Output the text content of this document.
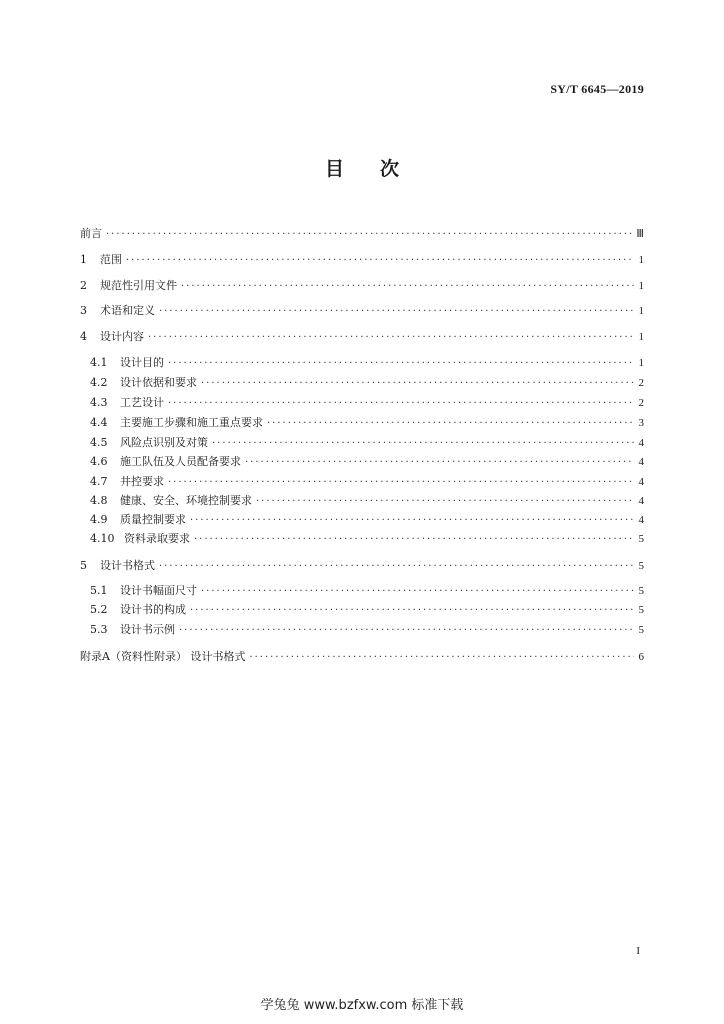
SY/T 6645—2019
目次
前言 ·····	Ⅲ
1	范围 ·····	1
2	规范性引用文件 ·····	1
3	术语和定义 ·····	1
4	设计内容 ·····	1
4.1	设计目的 ·····	1
4.2	设计依据和要求 ·····	2
4.3	工艺设计 ·····	2
4.4	主要施工步骤和施工重点要求 ·····	3
4.5	风险点识别及对策 ·····	4
4.6	施工队伍及人员配备要求 ·····	4
4.7	井控要求 ·····	4
4.8	健康、安全、环境控制要求 ·····	4
4.9	质量控制要求 ·····	4
4.10 资料录取要求 ·····	5
5	设计书格式 ·····	5
5.1	设计书幅面尺寸 ·····	5
5.2	设计书的构成 ·····	5
5.3	设计书示例 ·····	5
附录A（资料性附录） 设计书格式 ·····	6
I
学兔兔 www.bzfxw.com 标准下载
